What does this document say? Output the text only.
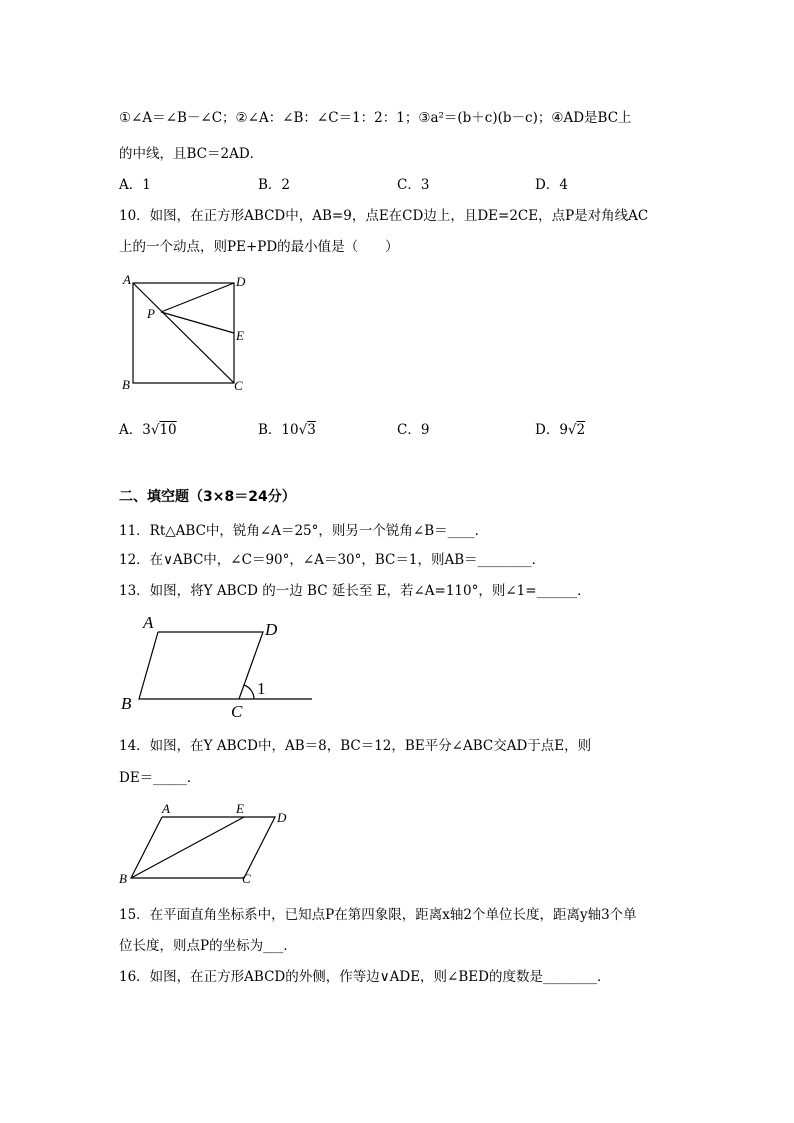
①∠A＝∠B－∠C；②∠A：∠B：∠C＝1：2：1；③a²＝(b＋c)(b－c)；④AD是BC上
的中线，且BC＝2AD．
A．1	B．2	C．3	D．4
10．如图，在正方形ABCD中，AB=9，点E在CD边上，且DE=2CE，点P是对角线AC
上的一个动点，则PE+PD的最小值是（　　）
A	D
P
E
B	C
A．3√10	B．10√3	C．9	D．9√2
二、填空题（3×8＝24分）
11．Rt△ABC中，锐角∠A＝25°，则另一个锐角∠B＝____．
12．在∨ABC中，∠C＝90°，∠A＝30°，BC＝1，则AB＝________．
13．如图，将Y ABCD 的一边 BC 延长至 E，若∠A=110°，则∠1=______．
A	D
B	C
1
14．如图，在Y ABCD中，AB＝8，BC＝12，BE平分∠ABC交AD于点E，则
DE＝_____．
A	E
D
B	C
15．在平面直角坐标系中，已知点P在第四象限，距离x轴2个单位长度，距离y轴3个单
位长度，则点P的坐标为___．
16．如图，在正方形ABCD的外侧，作等边∨ADE，则∠BED的度数是________．
